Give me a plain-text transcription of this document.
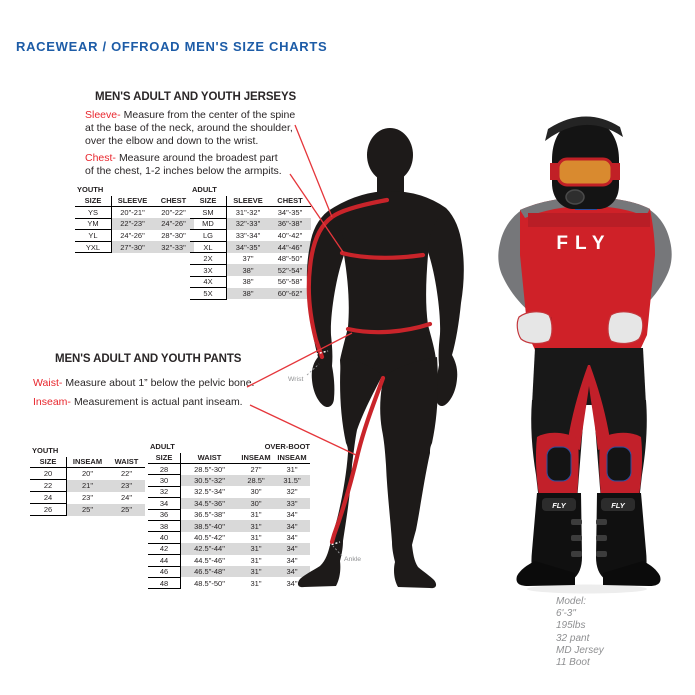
RACEWEAR / OFFROAD MEN'S SIZE CHARTS
MEN'S ADULT AND YOUTH JERSEYS

Sleeve- Measure from the center of the spine at the base of the neck, around the shoulder, over the elbow and down to the wrist.

Chest- Measure around the broadest part of the chest, 1-2 inches below the armpits.

YOUTH
SIZE	SLEEVE	CHEST
YS	20"-21"	20"-22"
YM	22"-23"	24"-26"
YL	24"-26"	28"-30"
YXL	27"-30"	32"-33"
ADULT
SIZE	SLEEVE	CHEST
SM	31"-32"	34"-35"
MD	32"-33"	36"-38"
LG	33"-34"	40"-42"
XL	34"-35"	44"-46"
2X	37"	48"-50"
3X	38"	52"-54"
4X	38"	56"-58"
5X	38"	60"-62"
MEN'S ADULT AND YOUTH PANTS

Waist- Measure about 1” below the pelvic bone.

Inseam- Measurement is actual pant inseam.

YOUTH
SIZE	INSEAM	WAIST
20	20"	22"
22	21"	23"
24	23"	24"
26	25"	25"
ADULT	OVER-BOOT
SIZE	WAIST	INSEAM	INSEAM
28	28.5"-30"	27"	31"
30	30.5"-32"	28.5"	31.5"
32	32.5"-34"	30"	32"
34	34.5"-36"	30"	33"
36	36.5"-38"	31"	34"
38	38.5"-40"	31"	34"
40	40.5"-42"	31"	34"
42	42.5"-44"	31"	34"
44	44.5"-46"	31"	34"
46	46.5"-48"	31"	34"
48	48.5"-50"	31"	34"
Wrist
Ankle
FLY
FLY	FLY
Model:
6'-3"
195lbs
32 pant
MD Jersey
11 Boot
